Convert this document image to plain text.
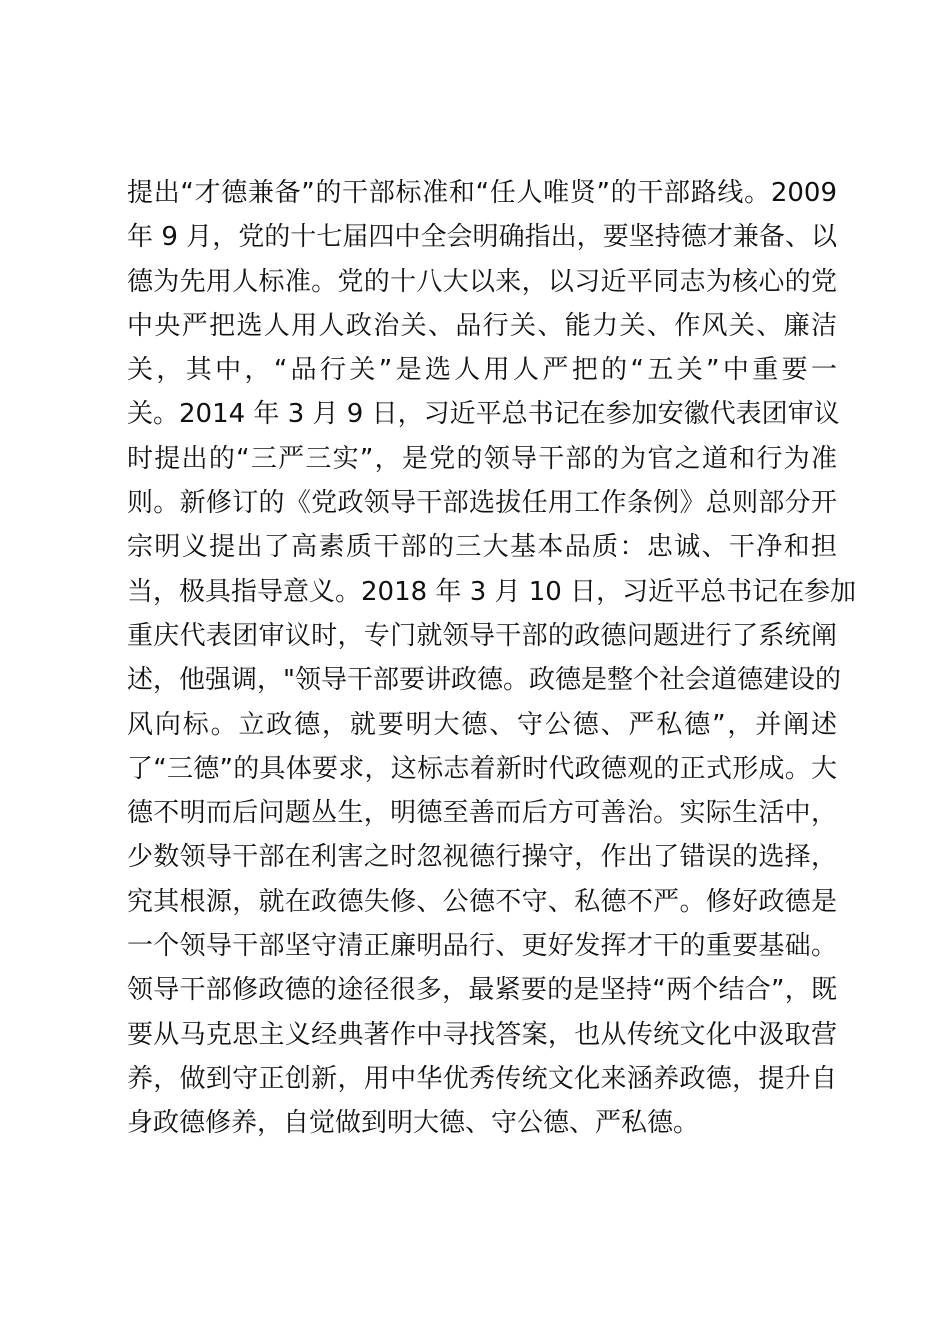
提出“才德兼备”的干部标准和“任人唯贤”的干部路线。2009
年 9 月，党的十七届四中全会明确指出，要坚持德才兼备、以
德为先用人标准。党的十八大以来，以习近平同志为核心的党
中央严把选人用人政治关、品行关、能力关、作风关、廉洁
关，其中，“品行关”是选人用人严把的“五关”中重要一
关。2014 年 3 月 9 日，习近平总书记在参加安徽代表团审议
时提出的“三严三实”，是党的领导干部的为官之道和行为准
则。新修订的《党政领导干部选拔任用工作条例》总则部分开
宗明义提出了高素质干部的三大基本品质：忠诚、干净和担
当，极具指导意义。2018 年 3 月 10 日，习近平总书记在参加
重庆代表团审议时，专门就领导干部的政德问题进行了系统阐
述，他强调，"领导干部要讲政德。政德是整个社会道德建设的
风向标。立政德，就要明大德、守公德、严私德”，并阐述
了“三德”的具体要求，这标志着新时代政德观的正式形成。大
德不明而后问题丛生，明德至善而后方可善治。实际生活中，
少数领导干部在利害之时忽视德行操守，作出了错误的选择，
究其根源，就在政德失修、公德不守、私德不严。修好政德是
一个领导干部坚守清正廉明品行、更好发挥才干的重要基础。
领导干部修政德的途径很多，最紧要的是坚持“两个结合”，既
要从马克思主义经典著作中寻找答案，也从传统文化中汲取营
养，做到守正创新，用中华优秀传统文化来涵养政德，提升自
身政德修养，自觉做到明大德、守公德、严私德。
